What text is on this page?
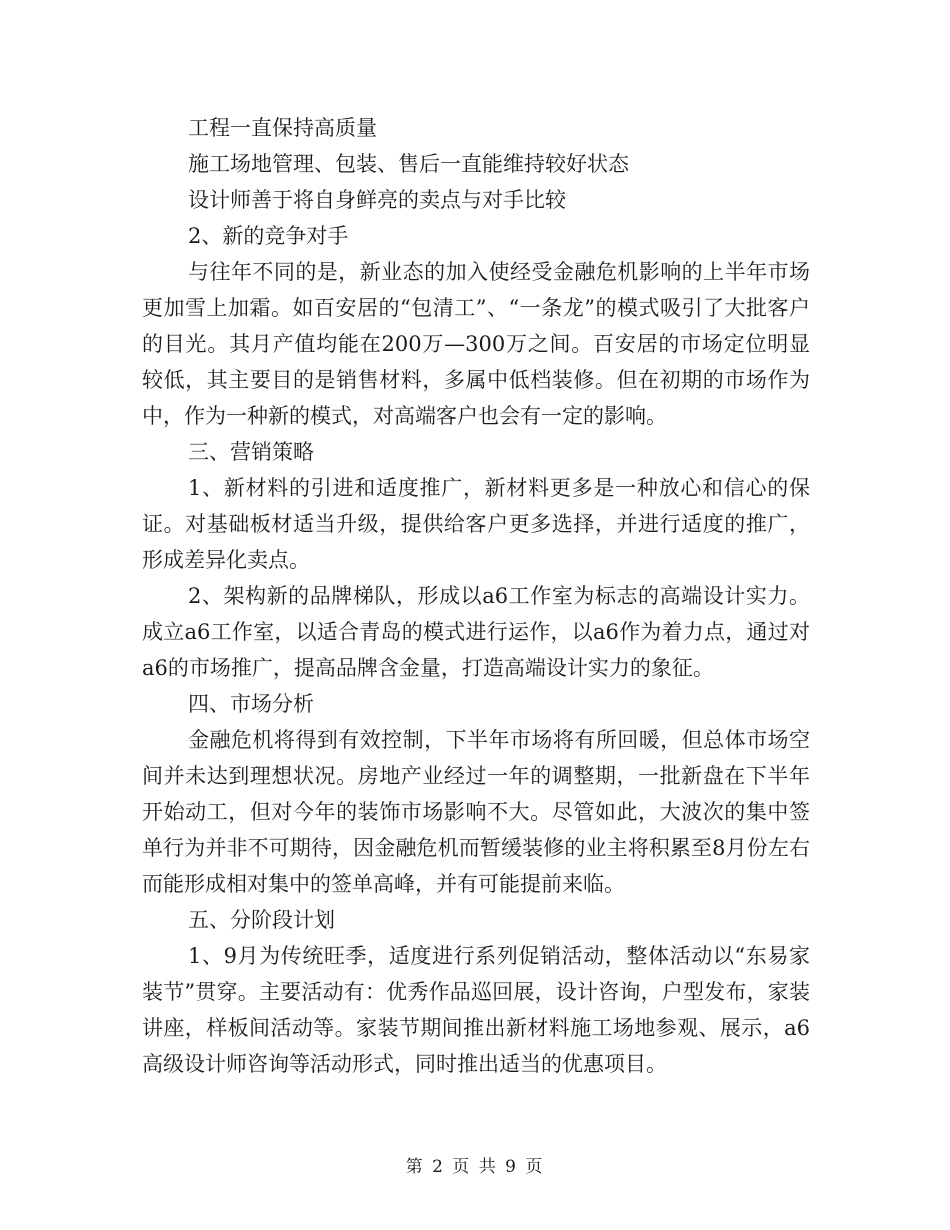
工程一直保持高质量

施工场地管理、包装、售后一直能维持较好状态

设计师善于将自身鲜亮的卖点与对手比较

2、新的竞争对手

与往年不同的是，新业态的加入使经受金融危机影响的上半年市场更加雪上加霜。如百安居的“包清工”、“一条龙”的模式吸引了大批客户的目光。其月产值均能在200万—300万之间。百安居的市场定位明显较低，其主要目的是销售材料，多属中低档装修。但在初期的市场作为中，作为一种新的模式，对高端客户也会有一定的影响。

三、营销策略

1、新材料的引进和适度推广，新材料更多是一种放心和信心的保证。对基础板材适当升级，提供给客户更多选择，并进行适度的推广，形成差异化卖点。

2、架构新的品牌梯队，形成以a6工作室为标志的高端设计实力。成立a6工作室，以适合青岛的模式进行运作，以a6作为着力点，通过对a6的市场推广，提高品牌含金量，打造高端设计实力的象征。

四、市场分析

金融危机将得到有效控制，下半年市场将有所回暖，但总体市场空间并未达到理想状况。房地产业经过一年的调整期，一批新盘在下半年开始动工，但对今年的装饰市场影响不大。尽管如此，大波次的集中签单行为并非不可期待，因金融危机而暂缓装修的业主将积累至8月份左右而能形成相对集中的签单高峰，并有可能提前来临。

五、分阶段计划

1、9月为传统旺季，适度进行系列促销活动，整体活动以“东易家装节”贯穿。主要活动有：优秀作品巡回展，设计咨询，户型发布，家装讲座，样板间活动等。家装节期间推出新材料施工场地参观、展示，a6高级设计师咨询等活动形式，同时推出适当的优惠项目。

第 2 页 共 9 页
